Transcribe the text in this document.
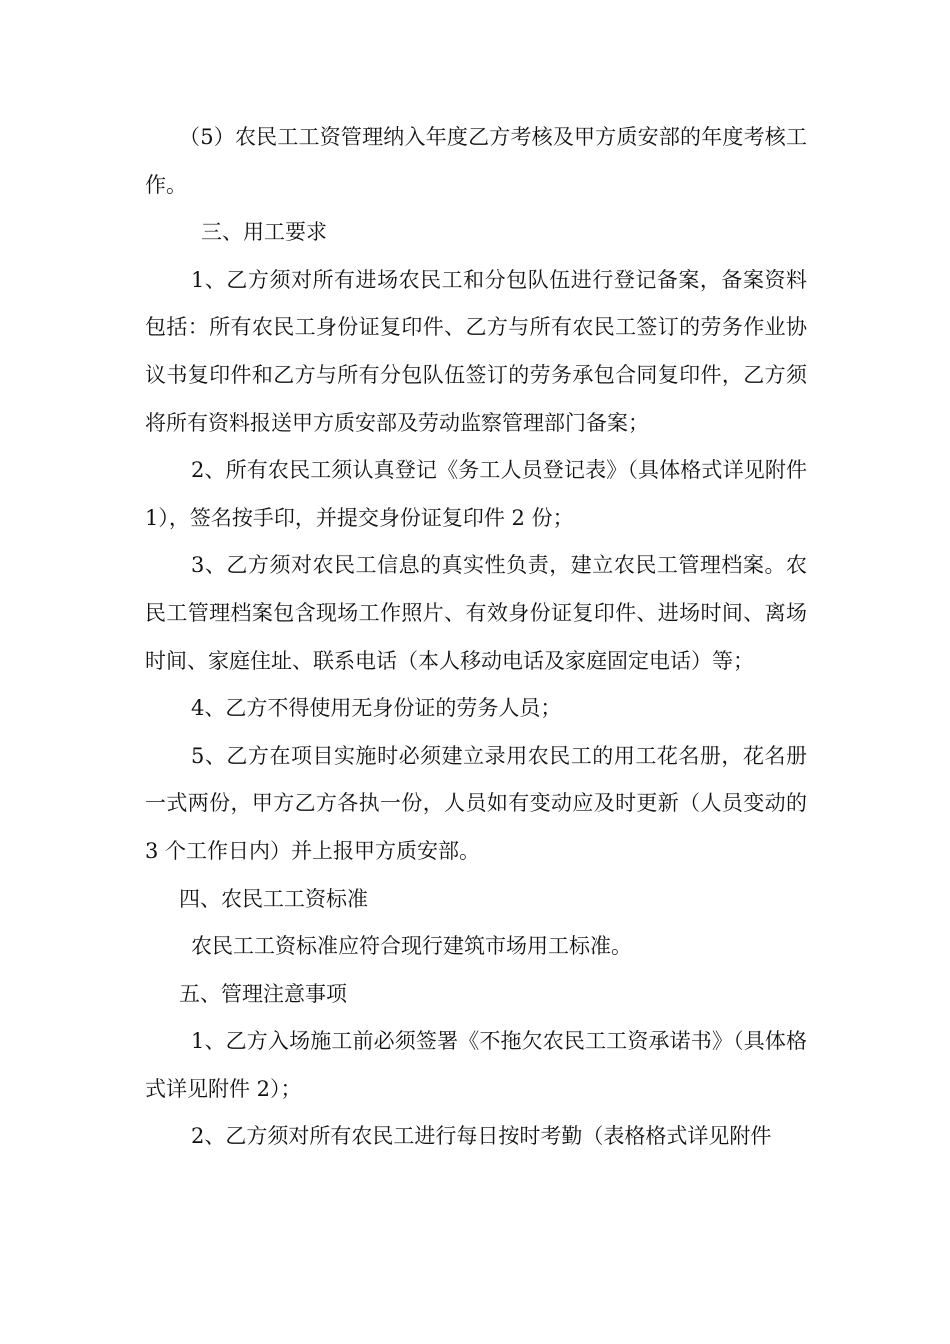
（5）农民工工资管理纳入年度乙方考核及甲方质安部的年度考核工作。

三、用工要求

1、乙方须对所有进场农民工和分包队伍进行登记备案，备案资料包括：所有农民工身份证复印件、乙方与所有农民工签订的劳务作业协议书复印件和乙方与所有分包队伍签订的劳务承包合同复印件，乙方须将所有资料报送甲方质安部及劳动监察管理部门备案；

2、所有农民工须认真登记《务工人员登记表》（具体格式详见附件 1），签名按手印，并提交身份证复印件 2 份；

3、乙方须对农民工信息的真实性负责，建立农民工管理档案。农民工管理档案包含现场工作照片、有效身份证复印件、进场时间、离场时间、家庭住址、联系电话（本人移动电话及家庭固定电话）等；

4、乙方不得使用无身份证的劳务人员；

5、乙方在项目实施时必须建立录用农民工的用工花名册，花名册一式两份，甲方乙方各执一份，人员如有变动应及时更新（人员变动的 3 个工作日内）并上报甲方质安部。

四、农民工工资标准

农民工工资标准应符合现行建筑市场用工标准。

五、管理注意事项

1、乙方入场施工前必须签署《不拖欠农民工工资承诺书》（具体格式详见附件 2）；

2、乙方须对所有农民工进行每日按时考勤（表格格式详见附件
